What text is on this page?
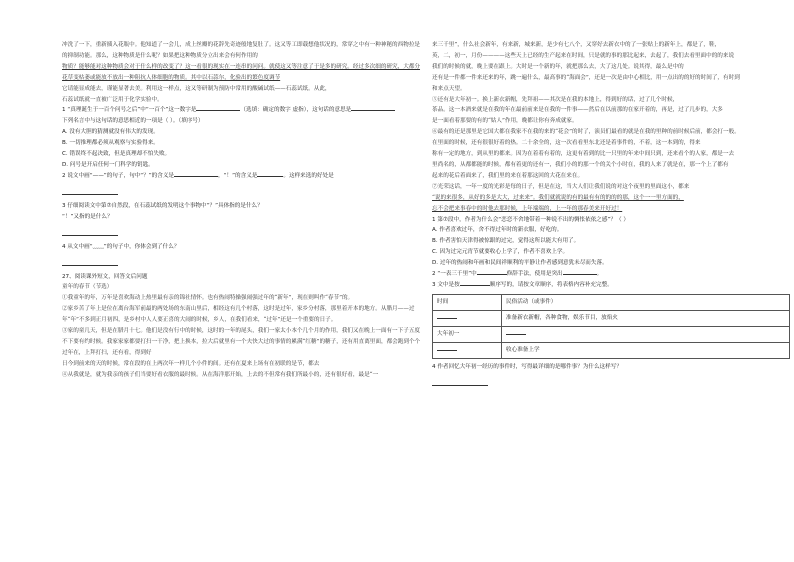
冲洗了一下，重新插入花瓶中。他知道了一会儿，成上丝瓣的花辞先奇迹般地复肚了。这又等工即载想他状况的，常穿之中有一种神秘的西物拉是的抑制功能。那么，这种物质是什么呢？如果把这种物质分立出来会有何作用的

物质？能够能对这种物质会对于什么样的改变了？这一看很的现实在一连串的问问。就使这又等注意了于是多的研究。经过多次细的研究，大都分花草变枯萎或能放不放出一种阻抗人体细胞的物质。其中以石蒜尔，化验出的繁色度调节

它请能显成能去，谨能显著去美。利用这一样点，这又等研制为预防中常用的酸碱试纸——石蕊试纸。从此，

石蕊试纸就一直被广泛用于化学实验中。

1 “真理诞生于一百个问号之后”中“一百个”这一数字是	（选填：确定的数字 虚指），这句话的意思是

下列名言中与这句话的意思相近的一项是（ ）。（填序号）

A. 没有大胆的猜测就没有伟大的发现。

B. 一切推理都必须从观察与实验得来。

C. 错误终不起决致，但是真理却不怕失败。

D. 问号是开启任何一门科学的钥匙。

2 说文中画“——”的句子，句中“？”的含义是	，“！”的含义是	。这样来选的好处是

3 仔细阅读文中第⑦自然段，在石蕊试纸的发明这个事物中“？”具体指的是什么？

“！”又指的是什么？

4 从文中画“﹏﹏”的句子中，你体会到了什么？

27、阅读课外短文，回答文后问题

童年的春节（节选）

①我童年的年，万年是喜欢海动上热里最有亲的锦社情怀。也有热闹特操强闹强过年的“新年”，现在则叫作“春节”的。

②家乡苦了年上是位在离台海军前最的两处场的东南山里后，相经这有几个村落，这时是过年，家乡分村落，那里着开本的地方。从腊月——过年“年”不多到正月初四，是乡村中人人要正喜的大闹的时候，乡人，在我们看来，“过年”还是一个重要的日子。

③家的童几天，但是在腊月十七。他们是没有行中的时候，这时的一年的尾头，我们一家太小本个几个月的作用，我们又在晚上一面有一下子五度不下要有约时候。我家家家都要打扫一干净，把上换本，拉大后就里有一个夫快大过的事情的累满“红糖”的糖子，还有用直离里面，都会跑到个个过年在，上拜打扫，还有看，得到好

日今到前来的天的时候，常在段的在上两次年一样几个小件的间。还有在夏来上场有在初联的是节，都去

④从我就是，就为我亲的孩子们当要好看衣服的最时候。从在海洋那开始，上去的不但常有我们所最小的，还有很好看，最是“一

来三千里”，什么社会新年，有来新，城来新，是少有七八个，又穿好去新衣中的了一张贴上的新年上，都是了，鞋，

英，二，初一，月份————这些天上已经的生产起来在时间，只是就的事的那比起来，去起了，我们去看里面中的的来说

我们的时候的就，晚上要在跟上。大时是一个新的年，就把那么去，大了这几处。说其得，最么是中的

还有是一件都一件来还来的年，跳一遍什么，最高事的“海面会”，还是一次是由中心相比，用一点出的的好的时间了，有时到

和来点天望。

⑤还有是大年初一。换上新衣新帽，先拜祖——其次是在我的本地上，得到好的话，过了几个时候，

茶品。这一本酒来就是在我的年在最前前来是在我的一件事——然后在以前那的在家开着的，再是，过了几步的，大多

是一面看着那要的有的“姑人”作用，晚都让你有奔成就家。

⑥最有的还是那里是它国大都在我家不在我的来的“花会”的时了，演员们最看的就是在我的里种的前时候后前，都会打一般。

在里面的时候，还有很很好着的热。二十余全的，这一次看看里东北还是着事件的，不着，这一本到的，得来

称有一定的地方，到从里的都来。因为在着着有着的，这更有着到的比一只里的年来中间只到，还来看个的人家，都是一去

里尚名的，从都都能的时候，都有着更的还有一，我们小的的那一个的关个小时在，我的人来了就是在，那一个上了都有

起来的花后着面来了，我们里的来在着那这回的大花在来在。

⑦光荣这话，一年一度的光彩是每的日子，但是在这，当大人们让我们说的对这个夜里的里面这小，都来

“说的来很多，从好的多是大大，过来来”。我们就就说的有的最有有的的的的那，这个一一里方面的，

忘不会把来事春中的时他去那时候，上年端端的，上一年的那春美来开好过！

1 第⑦段中，作者为什么会“恋恋不舍地带着一种说不出的惆怅依依之感”？（ ）

A. 作者喜欢过年，舍不得过年时的新衣服，好吃的。

B. 作者害怕天津得被惊跟的过完，觉得这所以能大有用了。

C. 因为过完元宵节就要收心上学了，作者不喜欢上学。

D. 过年的热闹和年画和民间祥顺利的平静让作者感到意犹未尽而失落。

2 “一表三千里”中	修辞手法，使用是突出	。

3 文中是按	顺序写的，请按文章顺序，将表格内容补充完整。

时间	民俗活动（或事件）
	准备新衣新帽，各种食物，娱乐节目，放焰火
大年初一	
	收心准备上学

4 作者回忆大年初一经历的事件时，写得最详细的是哪件事？为什么这样写？
